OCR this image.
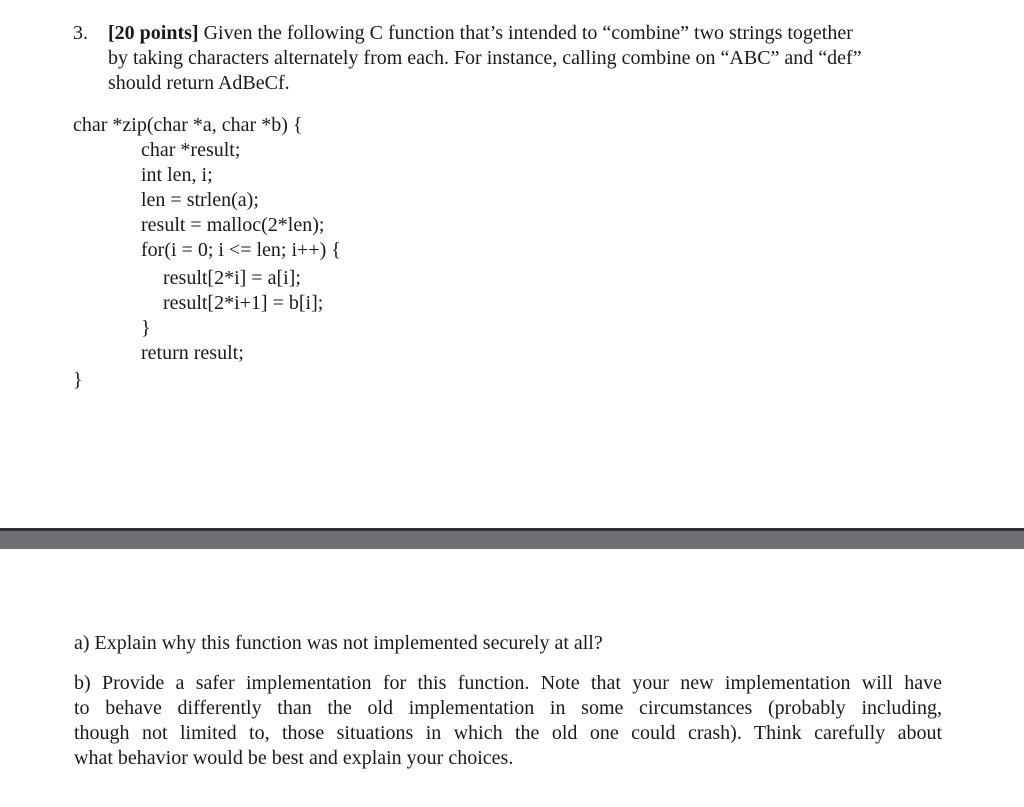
3. [20 points] Given the following C function that’s intended to “combine” two strings together
by taking characters alternately from each. For instance, calling combine on “ABC” and “def”
should return AdBeCf.
char *zip(char *a, char *b) {
char *result;
int len, i;
len = strlen(a);
result = malloc(2*len);
for(i = 0; i <= len; i++) {
result[2*i] = a[i];
result[2*i+1] = b[i];
}
return result;
}
a) Explain why this function was not implemented securely at all?
b) Provide a safer implementation for this function. Note that your new implementation will have
to behave differently than the old implementation in some circumstances (probably including,
though not limited to, those situations in which the old one could crash). Think carefully about
what behavior would be best and explain your choices.
